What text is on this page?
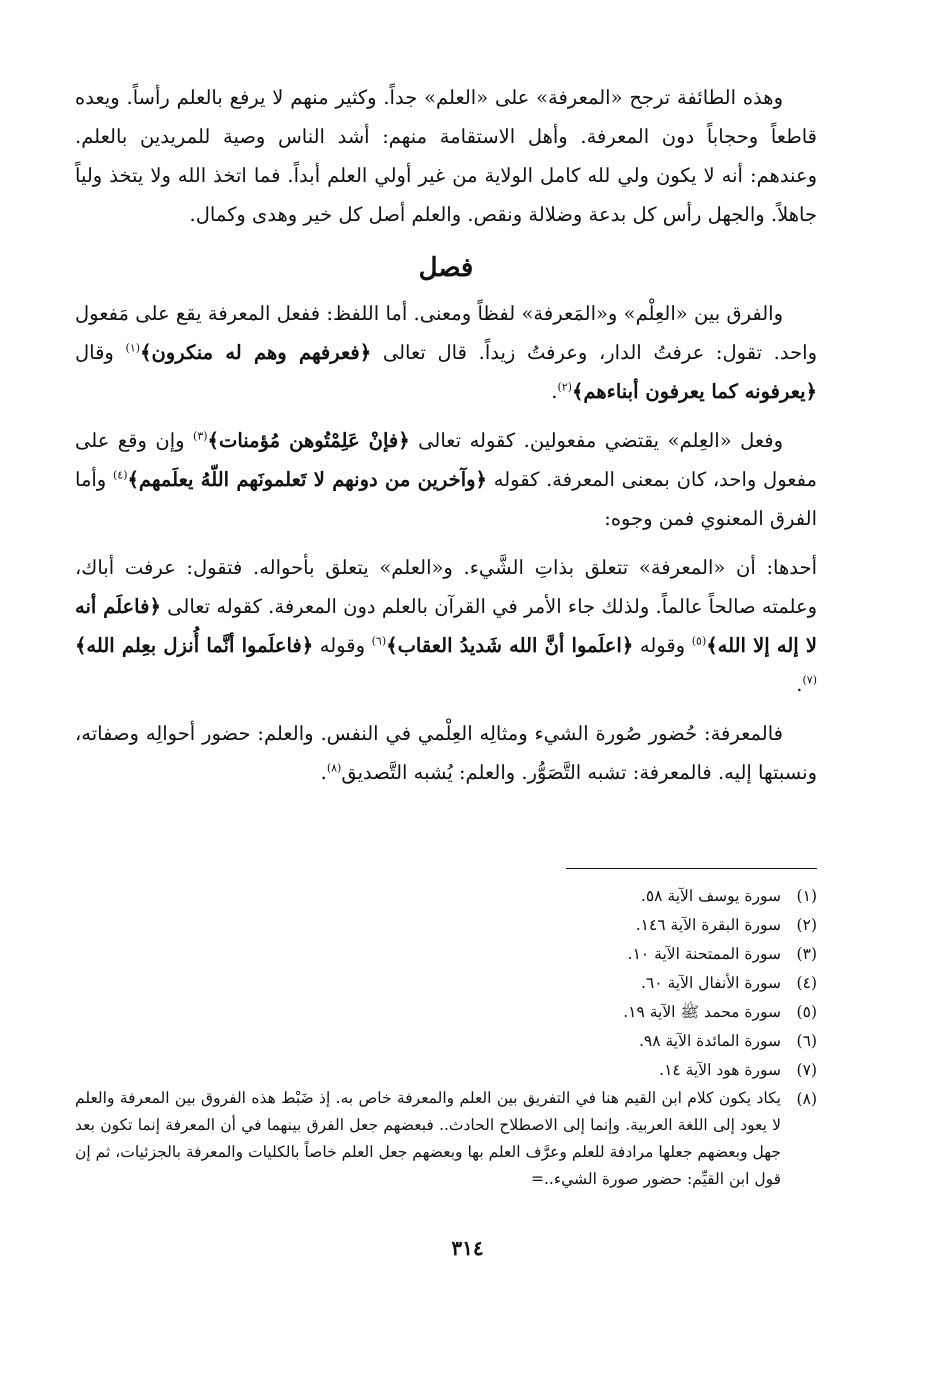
وهذه الطائفة ترجح «المعرفة» على «العلم» جداً. وكثير منهم لا يرفع بالعلم رأساً. ويعده قاطعاً وحجاباً دون المعرفة. وأهل الاستقامة منهم: أشد الناس وصية للمريدين بالعلم. وعندهم: أنه لا يكون ولي لله كامل الولاية من غير أولي العلم أبداً. فما اتخذ الله ولا يتخذ ولياً جاهلاً. والجهل رأس كل بدعة وضلالة ونقص. والعلم أصل كل خير وهدى وكمال.

فصل

والفرق بين «العِلْم» و«المَعرفة» لفظاً ومعنى. أما اللفظ: ففعل المعرفة يقع على مَفعول واحد. تقول: عرفتُ الدار، وعرفتُ زيداً. قال تعالى ﴿فعرفهم وهم له منكرون﴾$^{(١)}$ وقال ﴿يعرفونه كما يعرفون أبناءهم﴾$^{(٢)}$.

وفعل «العِلم» يقتضي مفعولين. كقوله تعالى ﴿فإنْ عَلِمْتُوهن مُؤمنات﴾$^{(٣)}$ وإن وقع على مفعول واحد، كان بمعنى المعرفة. كقوله ﴿وآخرين من دونهم لا تَعلمونَهم اللّهُ يعلَمهم﴾$^{(٤)}$ وأما الفرق المعنوي فمن وجوه:

أحدها: أن «المعرفة» تتعلق بذاتِ الشَّيء. و«العلم» يتعلق بأحواله. فتقول: عرفت أباك، وعلمته صالحاً عالماً. ولذلك جاء الأمر في القرآن بالعلم دون المعرفة. كقوله تعالى ﴿فاعلَم أنه لا إله إلا الله﴾$^{(٥)}$ وقوله ﴿اعلَموا أنَّ الله شَديدُ العقاب﴾$^{(٦)}$ وقوله ﴿فاعلَموا أنَّما أُنزل بعِلم الله﴾$^{(٧)}$.

فالمعرفة: حُضور صُورة الشيء ومثالِه العِلْمي في النفس. والعلم: حضور أحوالِه وصفاته، ونسبتها إليه. فالمعرفة: تشبه التَّصَوُّر. والعلم: يُشبه التَّصديق$^{(٨)}$.

(١)
سورة يوسف الآية ٥٨.
(٢)
سورة البقرة الآية ١٤٦.
(٣)
سورة الممتحنة الآية ١٠.
(٤)
سورة الأنفال الآية ٦٠.
(٥)
سورة محمد ﷺ الآية ١٩.
(٦)
سورة المائدة الآية ٩٨.
(٧)
سورة هود الآية ١٤.
(٨)
يكاد يكون كلام ابن القيم هنا في التفريق بين العلم والمعرفة خاص به. إذ ضَبْط هذه الفروق بين المعرفة والعلم لا يعود إلى اللغة العربية. وإنما إلى الاصطلاح الحادث.. فبعضهم جعل الفرق بينهما في أن المعرفة إنما تكون بعد جهل وبعضهم جعلها مرادفة للعلم وعرَّف العلم بها وبعضهم جعل العلم خاصاً بالكليات والمعرفة بالجزئيات، ثم إن قول ابن القيِّم: حضور صورة الشيء..=
٣١٤
